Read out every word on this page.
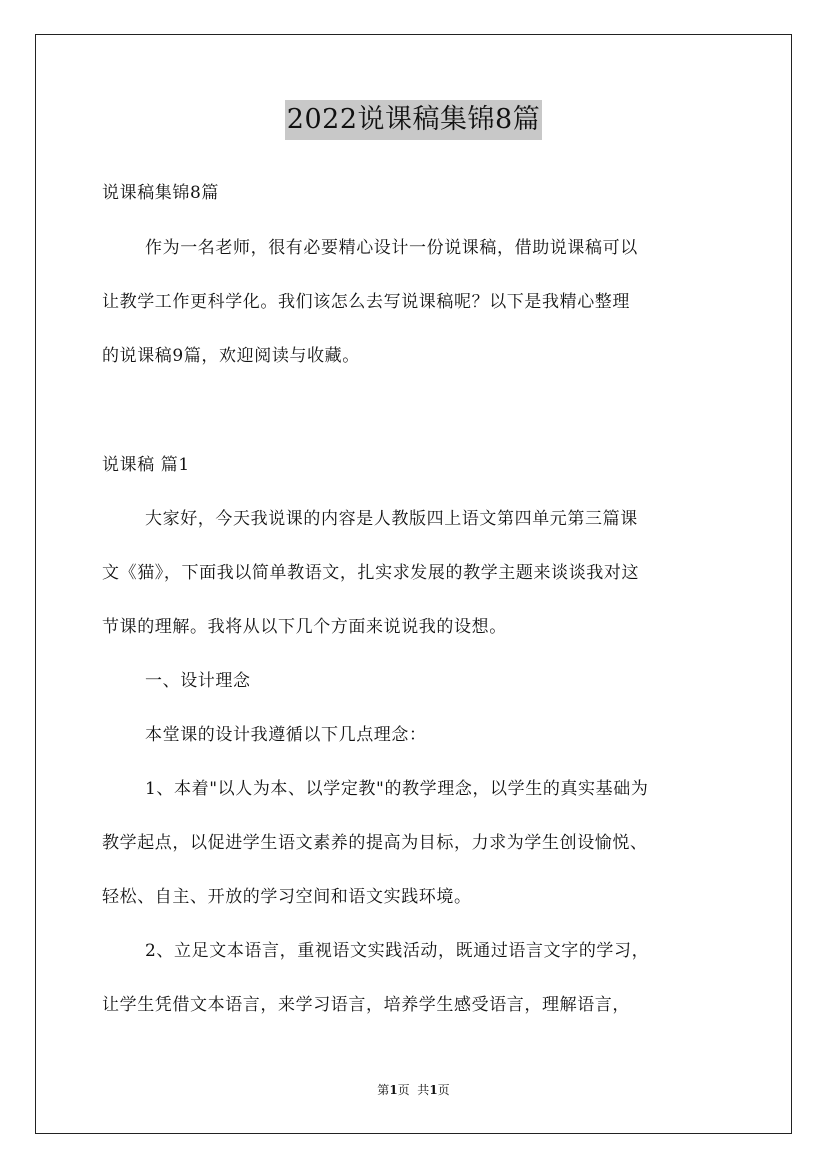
2022说课稿集锦8篇
说课稿集锦8篇
作为一名老师，很有必要精心设计一份说课稿，借助说课稿可以
让教学工作更科学化。我们该怎么去写说课稿呢？以下是我精心整理
的说课稿9篇，欢迎阅读与收藏。
说课稿 篇1
大家好，今天我说课的内容是人教版四上语文第四单元第三篇课
文《猫》，下面我以简单教语文，扎实求发展的教学主题来谈谈我对这
节课的理解。我将从以下几个方面来说说我的设想。
一、设计理念
本堂课的设计我遵循以下几点理念：
1、本着"以人为本、以学定教"的教学理念，以学生的真实基础为
教学起点，以促进学生语文素养的提高为目标，力求为学生创设愉悦、
轻松、自主、开放的学习空间和语文实践环境。
2、立足文本语言，重视语文实践活动，既通过语言文字的学习，
让学生凭借文本语言，来学习语言，培养学生感受语言，理解语言，
第1页  共1页
